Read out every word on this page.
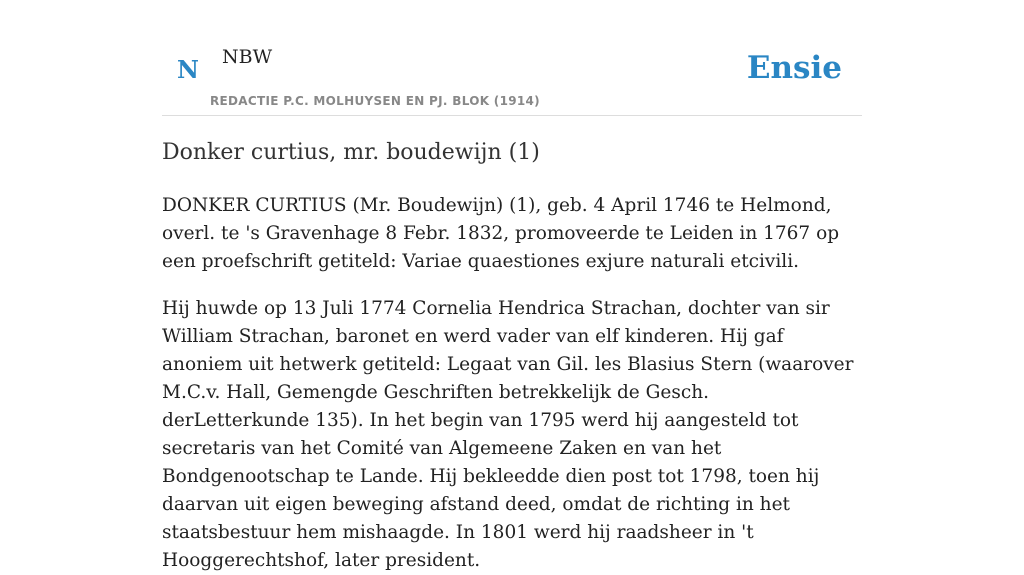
N NBW
REDACTIE P.C. MOLHUYSEN EN PJ. BLOK (1914)
Ensie
Donker curtius, mr. boudewijn (1)

DONKER CURTIUS (Mr. Boudewijn) (1), geb. 4 April 1746 te Helmond, overl. te 's Gravenhage 8 Febr. 1832, promoveerde te Leiden in 1767 op een proefschrift getiteld: Variae quaestiones exjure naturali etcivili.

Hij huwde op 13 Juli 1774 Cornelia Hendrica Strachan, dochter van sir William Strachan, baronet en werd vader van elf kinderen. Hij gaf anoniem uit hetwerk getiteld: Legaat van Gil. les Blasius Stern (waarover M.C.v. Hall, Gemengde Geschriften betrekkelijk de Gesch. derLetterkunde 135). In het begin van 1795 werd hij aangesteld tot secretaris van het Comité van Algemeene Zaken en van het Bondgenootschap te Lande. Hij bekleedde dien post tot 1798, toen hij daarvan uit eigen beweging afstand deed, omdat de richting in het staatsbestuur hem mishaagde. In 1801 werd hij raadsheer in 't Hooggerechtshof, later president.
